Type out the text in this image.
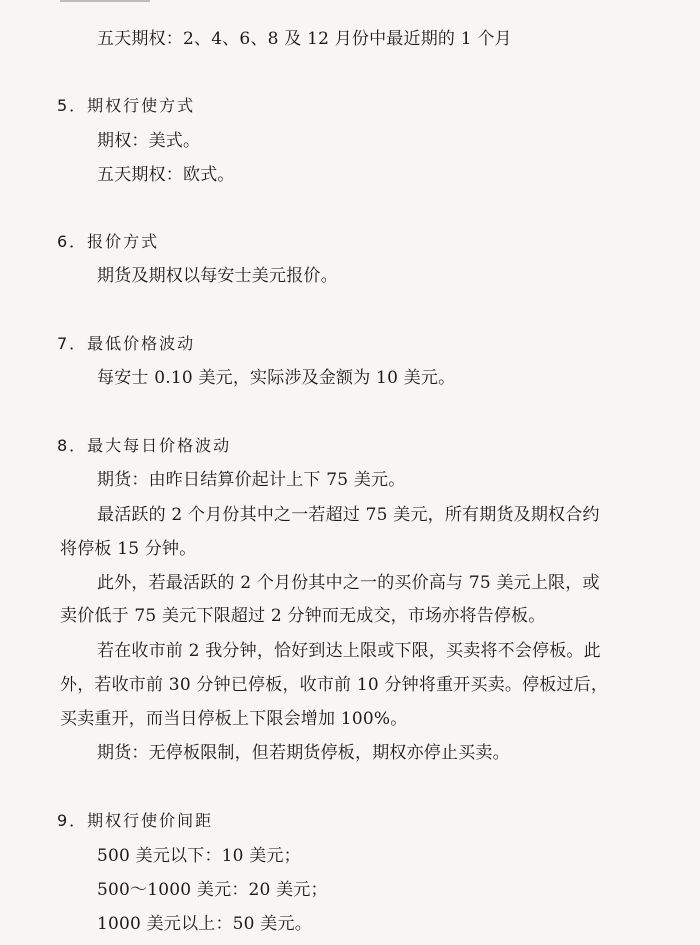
五天期权：2、4、6、8 及 12 月份中最近期的 1 个月
5．期权行使方式
期权：美式。
五天期权：欧式。
6．报价方式
期货及期权以每安士美元报价。
7．最低价格波动
每安士 0.10 美元，实际涉及金额为 10 美元。
8．最大每日价格波动
期货：由昨日结算价起计上下 75 美元。
最活跃的 2 个月份其中之一若超过 75 美元，所有期货及期权合约
将停板 15 分钟。
此外，若最活跃的 2 个月份其中之一的买价高与 75 美元上限，或
卖价低于 75 美元下限超过 2 分钟而无成交，市场亦将告停板。
若在收市前 2 我分钟，恰好到达上限或下限，买卖将不会停板。此
外，若收市前 30 分钟已停板，收市前 10 分钟将重开买卖。停板过后，
买卖重开，而当日停板上下限会增加 100%。
期货：无停板限制，但若期货停板，期权亦停止买卖。
9．期权行使价间距
500 美元以下：10 美元；
500～1000 美元：20 美元；
1000 美元以上：50 美元。
